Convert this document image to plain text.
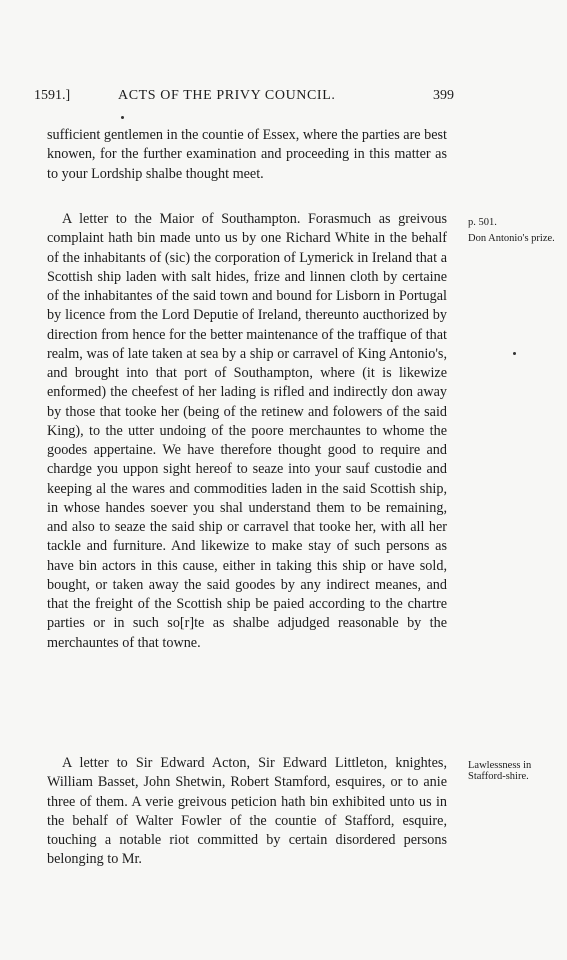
1591.]	ACTS OF THE PRIVY COUNCIL.	399

sufficient gentlemen in the countie of Essex, where the parties are best knowen, for the further examination and proceeding in this matter as to your Lordship shalbe thought meet.

A letter to the Maior of Southampton. Forasmuch as greivous complaint hath bin made unto us by one Richard White in the behalf of the inhabitants of (sic) the corporation of Lymerick in Ireland that a Scottish ship laden with salt hides, frize and linnen cloth by certaine of the inhabitantes of the said town and bound for Lisborn in Portugal by licence from the Lord Deputie of Ireland, thereunto aucthorized by direction from hence for the better maintenance of the traffique of that realm, was of late taken at sea by a ship or carravel of King Antonio's, and brought into that port of Southampton, where (it is likewize enformed) the cheefest of her lading is rifled and indirectly don away by those that tooke her (being of the retinew and folowers of the said King), to the utter undoing of the poore merchauntes to whome the goodes appertaine. We have therefore thought good to require and chardge you uppon sight hereof to seaze into your sauf custodie and keeping al the wares and commodities laden in the said Scottish ship, in whose handes soever you shal understand them to be remaining, and also to seaze the said ship or carravel that tooke her, with all her tackle and furniture. And likewize to make stay of such persons as have bin actors in this cause, either in taking this ship or have sold, bought, or taken away the said goodes by any indirect meanes, and that the freight of the Scottish ship be paied according to the chartre parties or in such so[r]te as shalbe adjudged reasonable by the merchauntes of that towne.

A letter to Sir Edward Acton, Sir Edward Littleton, knightes, William Basset, John Shetwin, Robert Stamford, esquires, or to anie three of them. A verie greivous peticion hath bin exhibited unto us in the behalf of Walter Fowler of the countie of Stafford, esquire, touching a notable riot committed by certain disordered persons belonging to Mr.

p. 501.

Don Antonio's prize.

Lawlessness in Stafford-shire.
